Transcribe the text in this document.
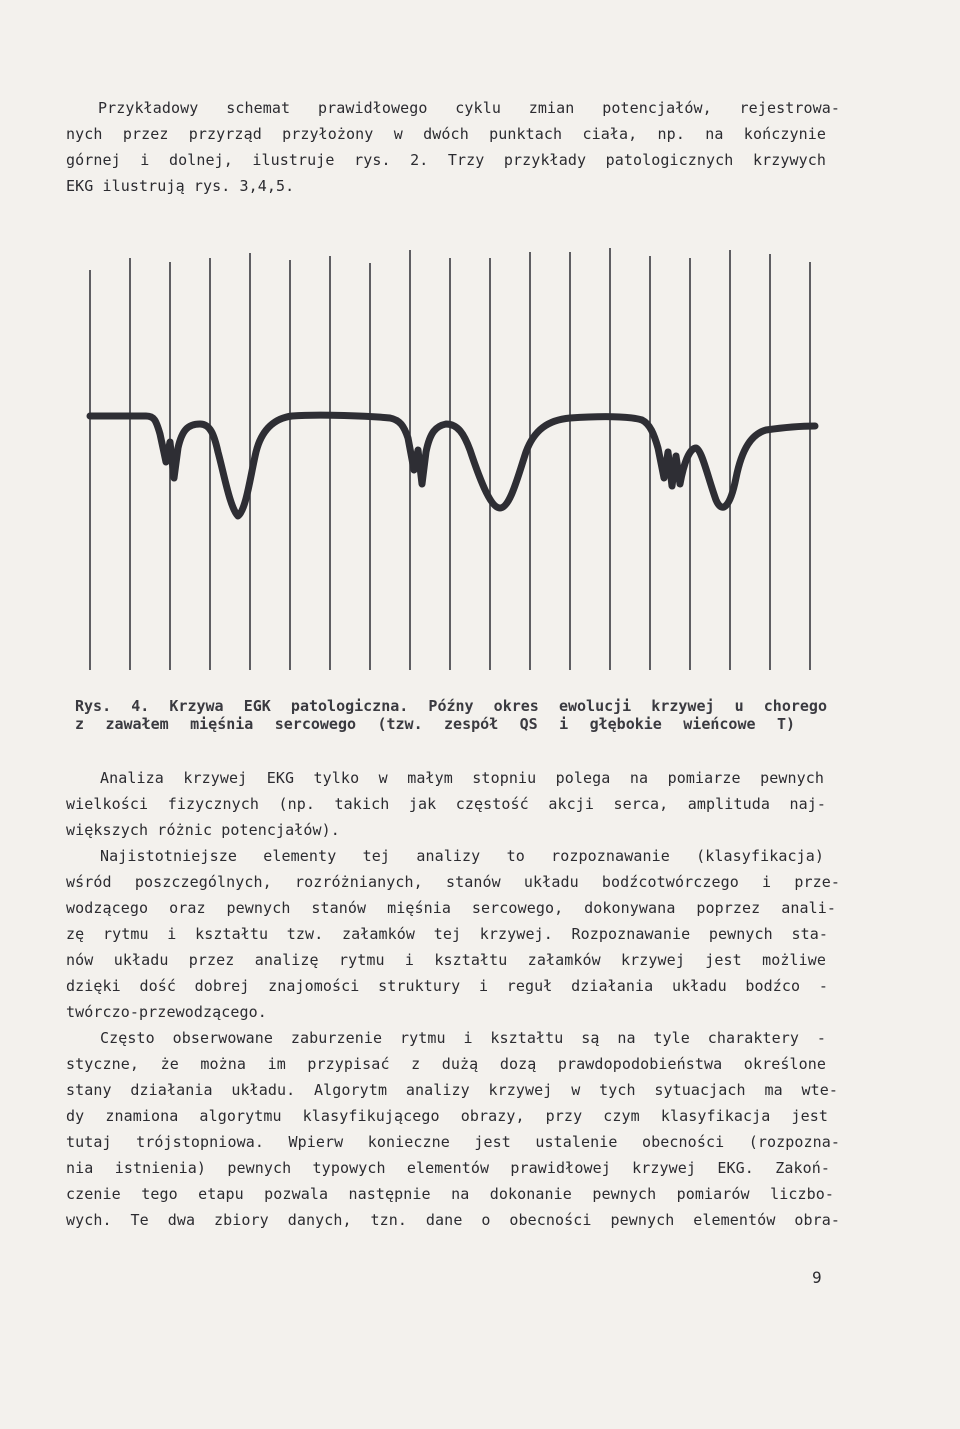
Przykładowy schemat prawidłowego cyklu zmian potencjałów, rejestrowa-
nych przez przyrząd przyłożony w dwóch punktach ciała, np. na kończynie
górnej i dolnej, ilustruje rys. 2. Trzy przykłady patologicznych krzywych
EKG ilustrują rys. 3,4,5.
Rys. 4. Krzywa EGK patologiczna. Późny okres ewolucji krzywej u chorego
z zawałem mięśnia sercowego (tzw. zespół QS i głębokie wieńcowe T)
Analiza krzywej EKG tylko w małym stopniu polega na pomiarze pewnych
wielkości fizycznych (np. takich jak częstość akcji serca, amplituda naj-
większych różnic potencjałów).
Najistotniejsze elementy tej analizy to rozpoznawanie (klasyfikacja)
wśród poszczególnych, rozróżnianych, stanów układu bodźcotwórczego i prze-
wodzącego oraz pewnych stanów mięśnia sercowego, dokonywana poprzez anali-
zę rytmu i kształtu tzw. załamków tej krzywej. Rozpoznawanie pewnych sta-
nów układu przez analizę rytmu i kształtu załamków krzywej jest możliwe
dzięki dość dobrej znajomości struktury i reguł działania układu bodźco -
twórczo-przewodzącego.
Często obserwowane zaburzenie rytmu i kształtu są na tyle charaktery -
styczne, że można im przypisać z dużą dozą prawdopodobieństwa określone
stany działania układu. Algorytm analizy krzywej w tych sytuacjach ma wte-
dy znamiona algorytmu klasyfikującego obrazy, przy czym klasyfikacja jest
tutaj trójstopniowa. Wpierw konieczne jest ustalenie obecności (rozpozna-
nia istnienia) pewnych typowych elementów prawidłowej krzywej EKG. Zakoń-
czenie tego etapu pozwala następnie na dokonanie pewnych pomiarów liczbo-
wych. Te dwa zbiory danych, tzn. dane o obecności pewnych elementów obra-
9
